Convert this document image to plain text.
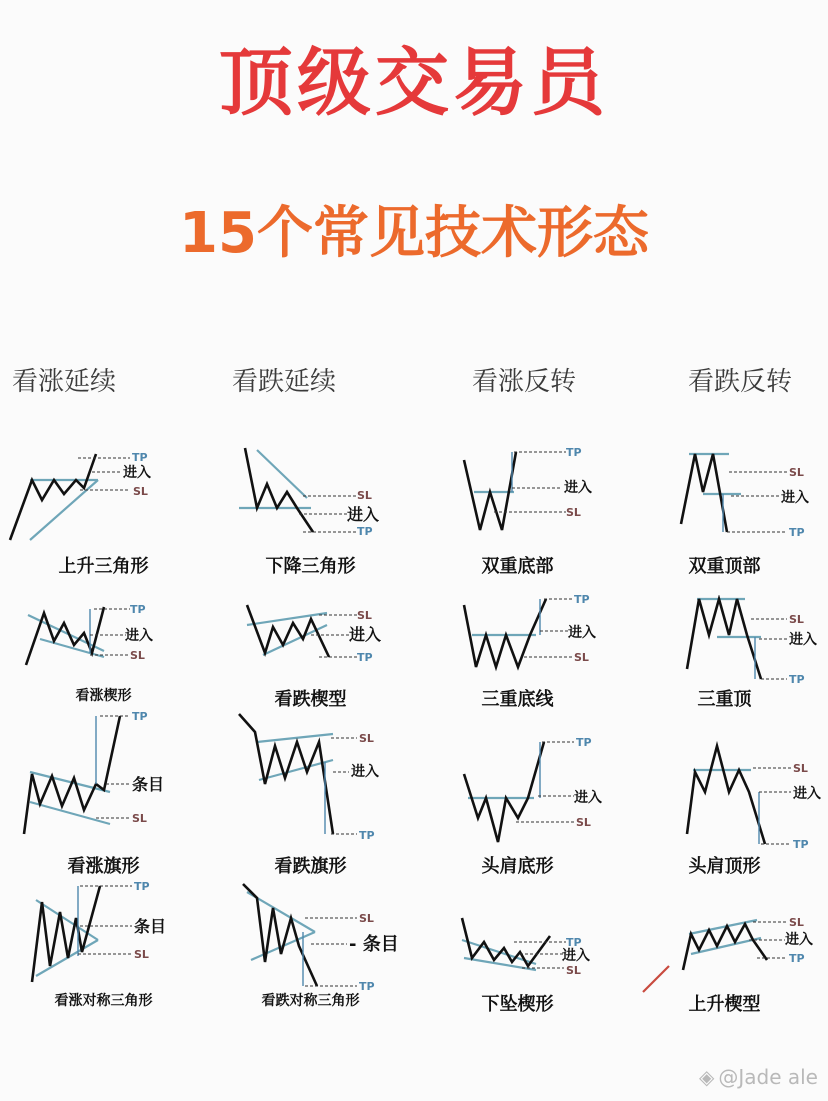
顶级交易员
15个常见技术形态
看涨延续	看跌延续	看涨反转	看跌反转
TP
进入
SL
上升三角形
SL
进入
TP
下降三角形
TP
进入
SL
双重底部
SL
进入
TP
双重顶部
TP
进入
SL
看涨楔形
SL
进入
TP
看跌楔型
TP
进入
SL
三重底线
SL
进入
TP
三重顶
TP
条目
SL
看涨旗形
SL
进入
TP
看跌旗形
TP
进入
SL
头肩底形
SL
进入
TP
头肩顶形
TP
条目
SL
看涨对称三角形
SL
- 条目
TP
看跌对称三角形
TP
进入
SL
下坠楔形
SL
进入
TP
上升楔型
◈ @Jade ale
